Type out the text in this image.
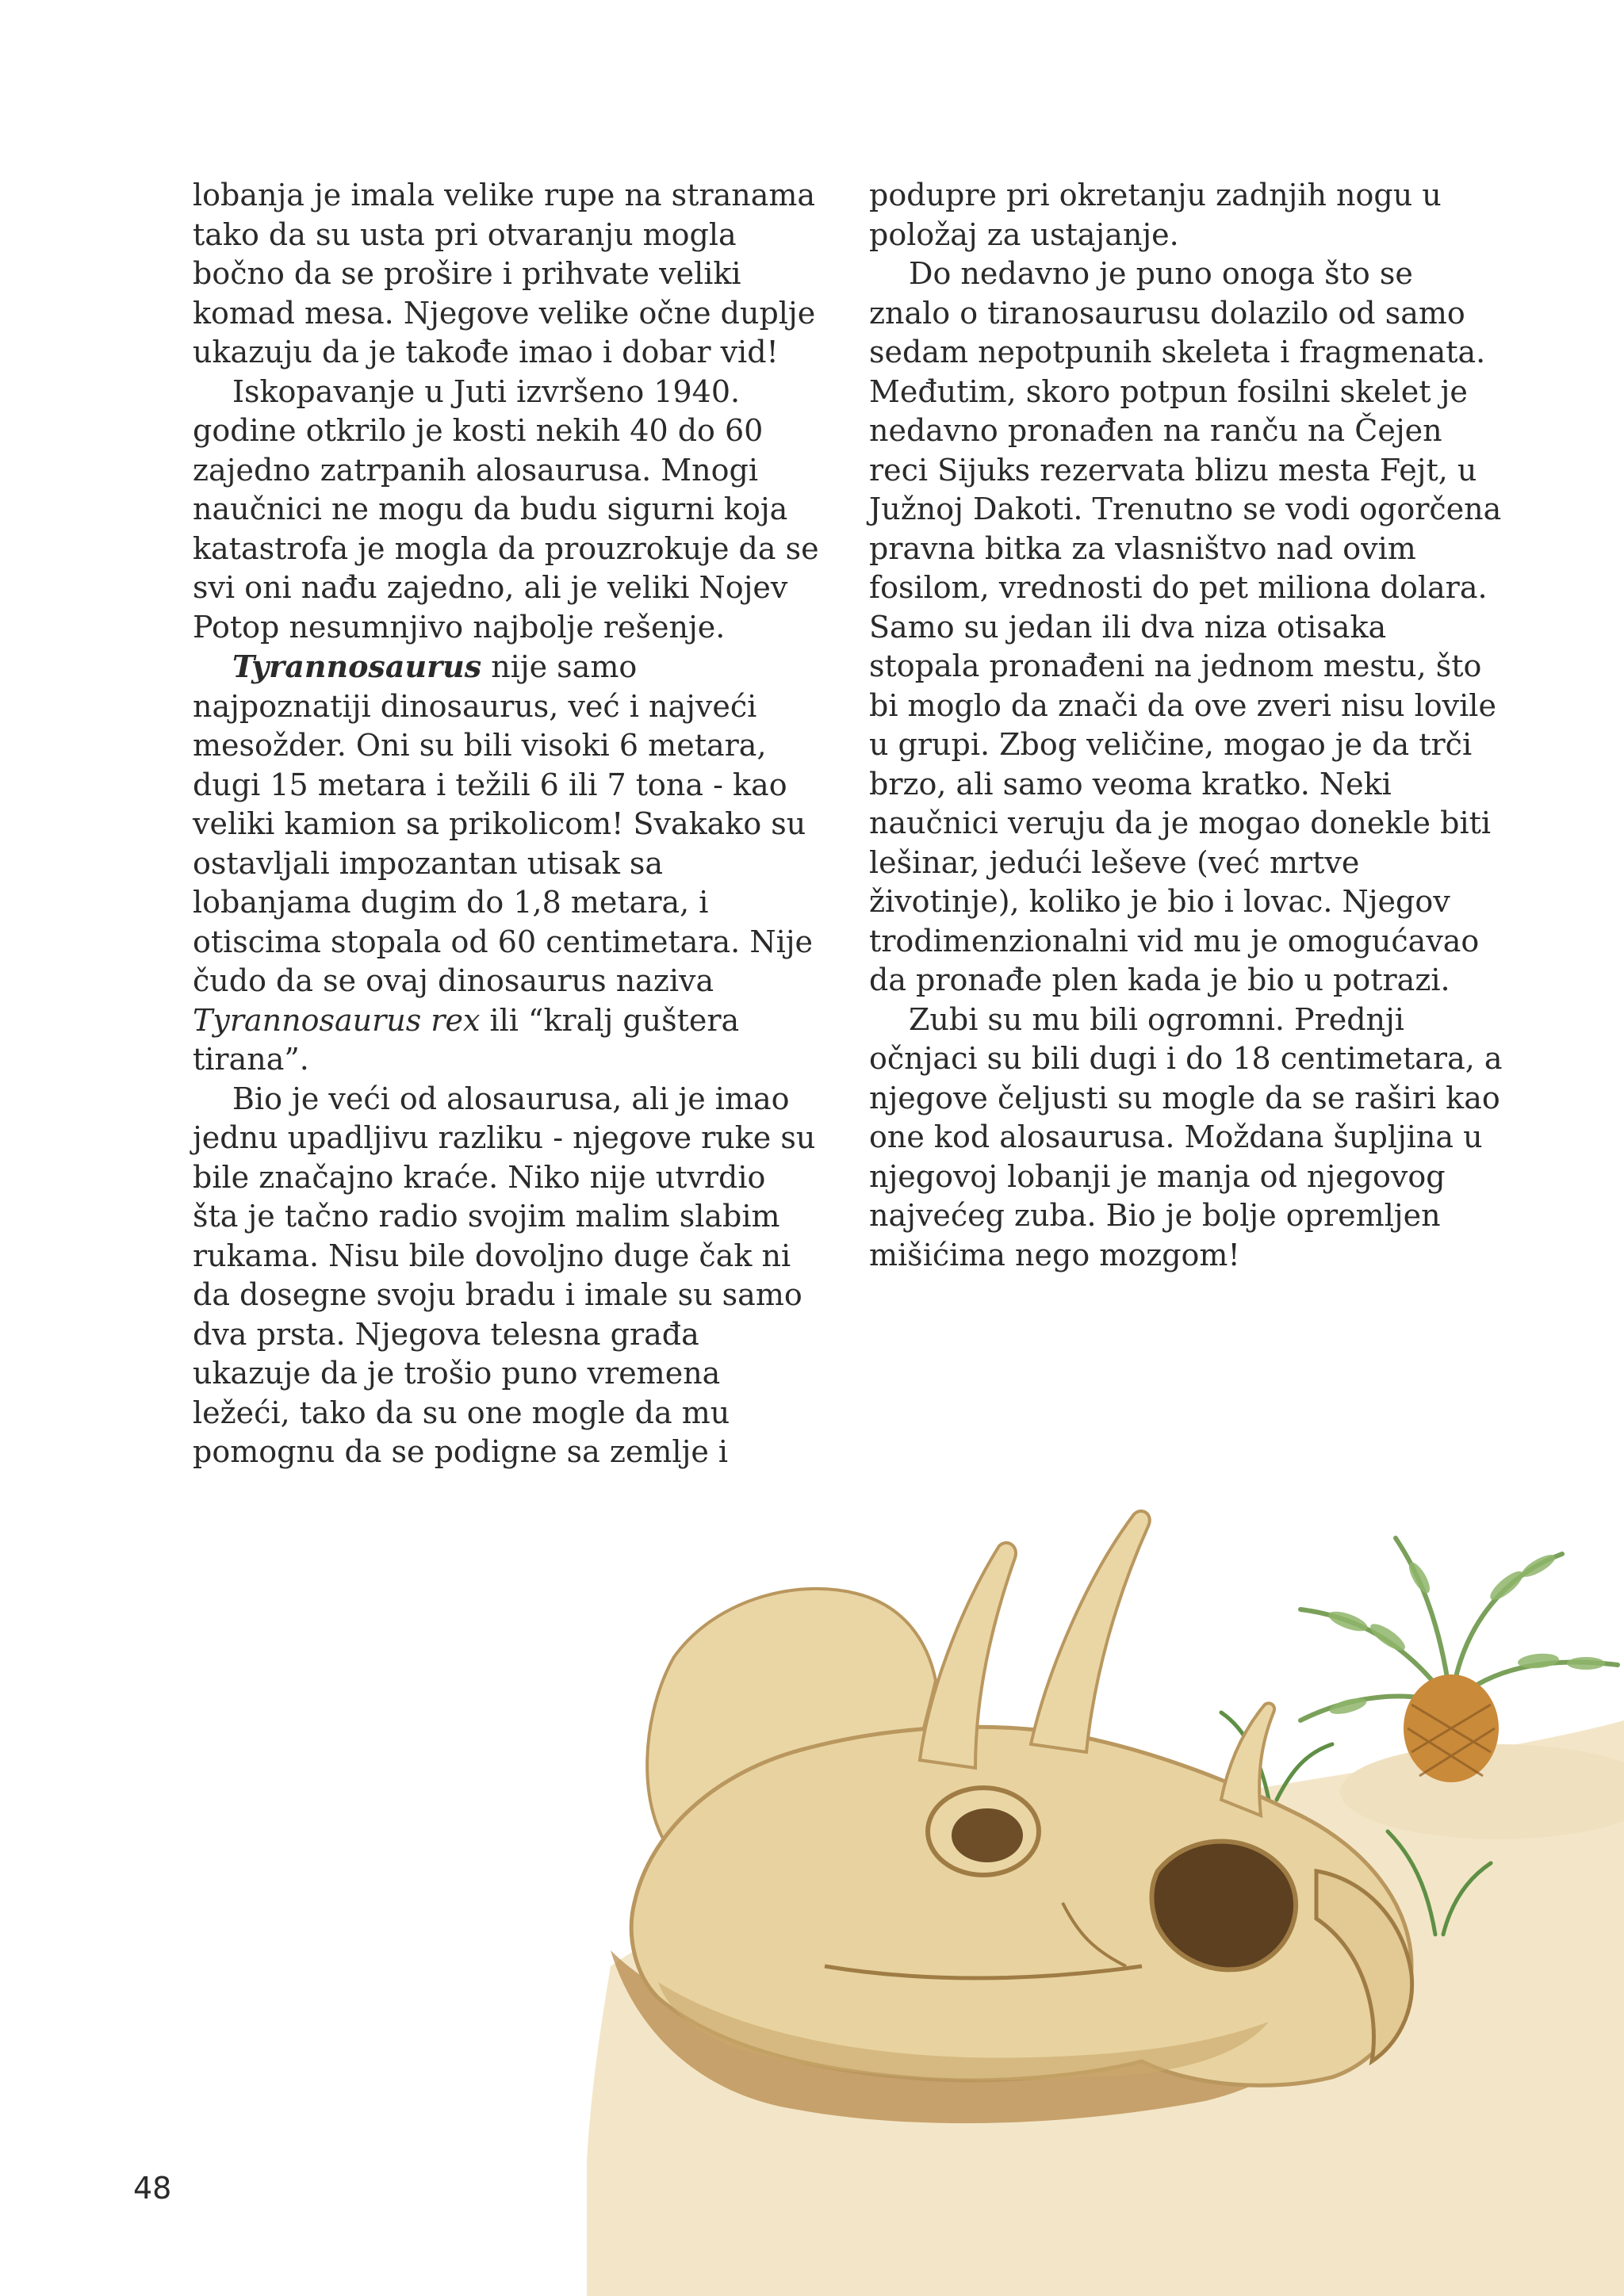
lobanja je imala velike rupe na stranama tako da su usta pri otvaranju mogla bočno da se prošire i prihvate veliki komad mesa. Njegove velike očne duplje ukazuju da je takođe imao i dobar vid!

Iskopavanje u Juti izvršeno 1940. godine otkrilo je kosti nekih 40 do 60 zajedno zatrpanih alosaurusa. Mnogi naučnici ne mogu da budu sigurni koja katastrofa je mogla da prouzrokuje da se svi oni nađu zajedno, ali je veliki Nojev Potop nesumnjivo najbolje rešenje.

Tyrannosaurus nije samo najpoznatiji dinosaurus, već i najveći mesožder. Oni su bili visoki 6 metara, dugi 15 metara i težili 6 ili 7 tona - kao veliki kamion sa prikolicom! Svakako su ostavljali impozantan utisak sa lobanjama dugim do 1,8 metara, i otiscima stopala od 60 centimetara. Nije čudo da se ovaj dinosaurus naziva Tyrannosaurus rex ili “kralj guštera tirana”.

Bio je veći od alosaurusa, ali je imao jednu upadljivu razliku - njegove ruke su bile značajno kraće. Niko nije utvrdio šta je tačno radio svojim malim slabim rukama. Nisu bile dovoljno duge čak ni da dosegne svoju bradu i imale su samo dva prsta. Njegova telesna građa ukazuje da je trošio puno vremena ležeći, tako da su one mogle da mu pomognu da se podigne sa zemlje i

podupre pri okretanju zadnjih nogu u položaj za ustajanje.

Do nedavno je puno onoga što se znalo o tiranosaurusu dolazilo od samo sedam nepotpunih skeleta i fragmenata. Međutim, skoro potpun fosilni skelet je nedavno pronađen na ranču na Čejen reci Sijuks rezervata blizu mesta Fejt, u Južnoj Dakoti. Trenutno se vodi ogorčena pravna bitka za vlasništvo nad ovim fosilom, vrednosti do pet miliona dolara. Samo su jedan ili dva niza otisaka stopala pronađeni na jednom mestu, što bi moglo da znači da ove zveri nisu lovile u grupi. Zbog veličine, mogao je da trči brzo, ali samo veoma kratko. Neki naučnici veruju da je mogao donekle biti lešinar, jedući leševe (već mrtve životinje), koliko je bio i lovac. Njegov trodimenzionalni vid mu je omogućavao da pronađe plen kada je bio u potrazi.

Zubi su mu bili ogromni. Prednji očnjaci su bili dugi i do 18 centimetara, a njegove čeljusti su mogle da se raširi kao one kod alosaurusa. Moždana šupljina u njegovoj lobanji je manja od njegovog najvećeg zuba. Bio je bolje opremljen mišićima nego mozgom!

48
